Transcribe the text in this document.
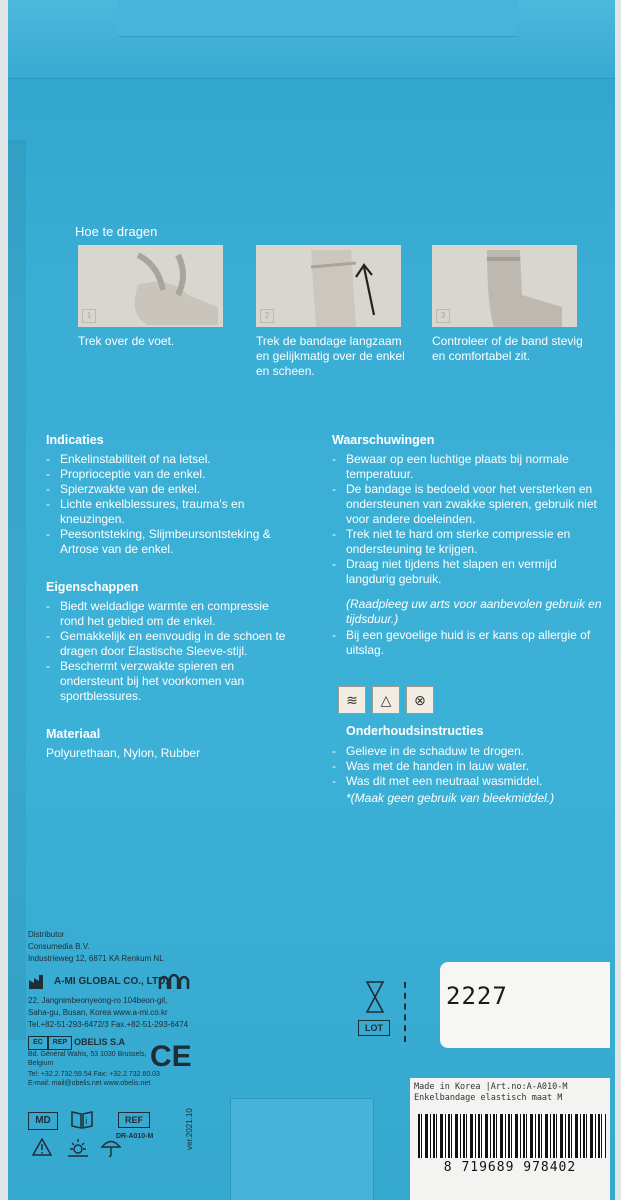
Hoe te dragen
1	2	3
Trek over de voet.	Trek de bandage langzaam en gelijkmatig over de enkel en scheen.
Controleer of de band stevig en comfortabel zit.
Indicaties
- Enkelinstabiliteit of na letsel.
- Proprioceptie van de enkel.
- Spierzwakte van de enkel.
- Lichte enkelblessures, trauma's en kneuzingen.
- Peesontsteking, Slijmbeursontsteking & Artrose van de enkel.
Eigenschappen
- Biedt weldadige warmte en compressie rond het gebied om de enkel.
- Gemakkelijk en eenvoudig in de schoen te dragen door Elastische Sleeve-stijl.
- Beschermt verzwakte spieren en ondersteunt bij het voorkomen van sportblessures.
Materiaal
Polyurethaan, Nylon, Rubber
Waarschuwingen
- Bewaar op een luchtige plaats bij normale temperatuur.
- De bandage is bedoeld voor het versterken en ondersteunen van zwakke spieren, gebruik niet voor andere doeleinden.
- Trek niet te hard om sterke compressie en ondersteuning te krijgen.
- Draag niet tijdens het slapen en vermijd langdurig gebruik.
(Raadpleeg uw arts voor aanbevolen gebruik en tijdsduur.)
- Bij een gevoelige huid is er kans op allergie of uitslag.
≋	△	⊗
Onderhoudsinstructies
- Gelieve in de schaduw te drogen.
- Was met de handen in lauw water.
- Was dit met een neutraal wasmiddel.
*(Maak geen gebruik van bleekmiddel.)
Distributor
Consumedia B.V.
Industrieweg 12, 6871 KA Renkum NL
A-MI GLOBAL CO., LTD.
22, Jangnimbeonyeong-ro 104beon-gil,
Saha-gu, Busan, Korea www.a-mi.co.kr
Tel.+82-51-293-6472/3 Fax.+82-51-293-6474
EC	REP OBELIS S.A
Bd. Général Wahis, 53 1030 Brussels,
Belgium
Tel: +32.2.732.59.54 Fax: +32.2.732.60.03
E-mail: mail@obelis.net www.obelis.net
CE
MD	i	REF
DR-A010-M	ver.2021.10
LOT
2227
Made in Korea |Art.no:A-A010-M
Enkelbandage elastisch maat M
8 719689 978402
